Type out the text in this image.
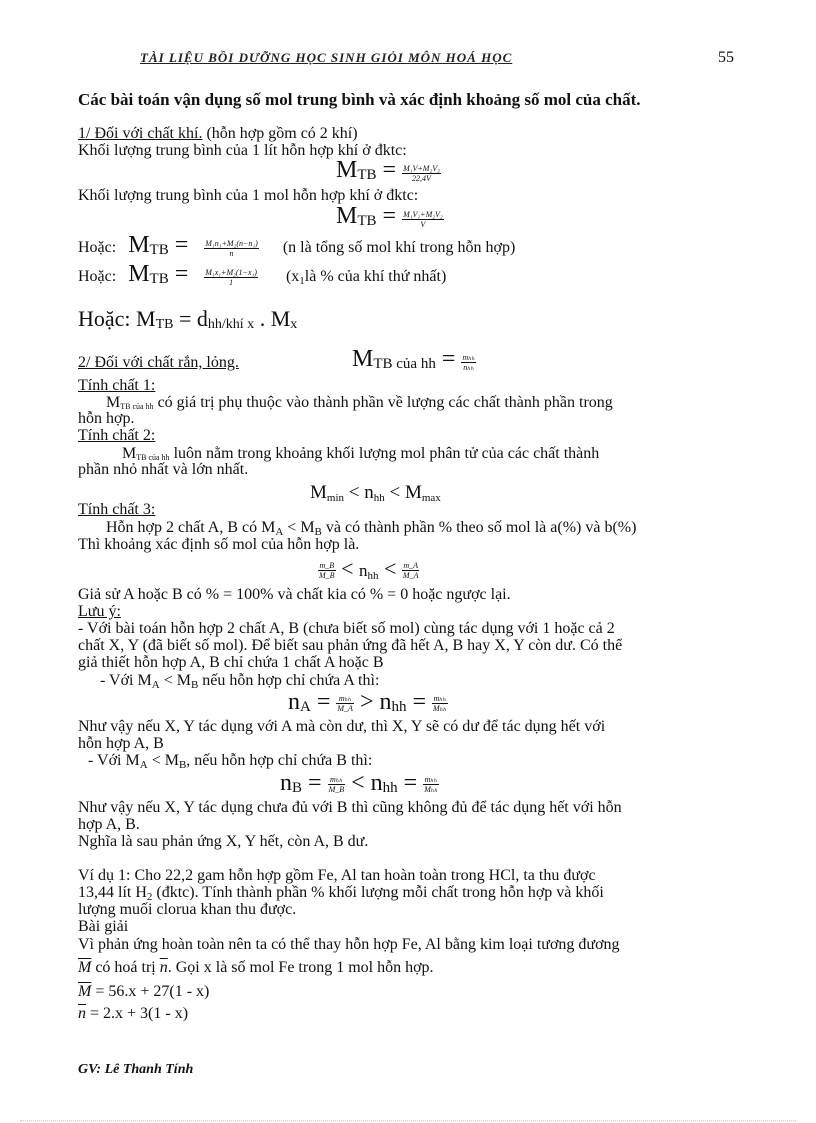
TÀI LIỆU BỒI DƯỠNG HỌC SINH GIỎI MÔN HOÁ HỌC	55
Các bài toán vận dụng số mol trung bình và xác định khoảng số mol của chất.
1/ Đối với chất khí. (hỗn hợp gồm có 2 khí)
Khối lượng trung bình của 1 lít hỗn hợp khí ở đktc:
MTB = $\frac{\text{M₁V+M₂V₂}}{22,4V}$
Khối lượng trung bình của 1 mol hỗn hợp khí ở đktc:
MTB = $\frac{\text{M₁V₁+M₂V₂}}{V}$
Hoặc: MTB = $\frac{\text{M₁n₁+M₂(n−n₁)}}{n} (n$ là tổng số mol khí trong hỗn hợp)
Hoặc: MTB = $\frac{\text{M₁x₁+M₂(1−x₁)}}{1}$ ($x_1là$ % của khí thứ nhất)
Hoặc: MTB = dhh/khí x . Mx
2/ Đối với chất rắn, lỏng.	MTB của hh = $\frac{\text{mₕₕ}}{\text{nₕₕ}}$
Tính chất 1:
MTB của hh có giá trị phụ thuộc vào thành phần về lượng các chất thành phần trong
hỗn hợp.
Tính chất 2:
MTB của hh luôn nằm trong khoảng khối lượng mol phân tử của các chất thành
phần nhỏ nhất và lớn nhất.
$M_{min} < n_{hh} < M_{max}$
Tính chất 3:
Hỗn hợp 2 chất A, B có $M_A < M_B$ và có thành phần % theo số mol là a(%) và b(%)
Thì khoảng xác định số mol của hỗn hợp là.
$\frac{m\_B}{M\_B} < n_{hh} < \frac{m\_A}{M\_A}$
Giả sử A hoặc B có % = 100% và chất kia có % = 0 hoặc ngược lại.
Lưu ý:
- Với bài toán hỗn hợp 2 chất A, B (chưa biết số mol) cùng tác dụng với 1 hoặc cả 2
chất X, Y (đã biết số mol). Để biết sau phản ứng đã hết A, B hay X, Y còn dư. Có thể
giả thiết hỗn hợp A, B chỉ chứa 1 chất A hoặc B
- Với $M_A < M_B$ nếu hỗn hợp chỉ chứa A thì:
nA = $\frac{\text{mₕₕ}}{M\_A}$ > nhh = $\frac{\text{mₕₕ}}{\text{Mₕₕ}}$
Như vậy nếu X, Y tác dụng với A mà còn dư, thì X, Y sẽ có dư để tác dụng hết với
hỗn hợp A, B
- Với $M_A < M_B$, nếu hỗn hợp chỉ chứa B thì:
nB = $\frac{\text{mₕₕ}}{M\_B}$ < nhh = $\frac{\text{mₕₕ}}{\text{Mₕₕ}}$
Như vậy nếu X, Y tác dụng chưa đủ với B thì cũng không đủ để tác dụng hết với hỗn
hợp A, B.
Nghĩa là sau phản ứng X, Y hết, còn A, B dư.
Ví dụ 1: Cho 22,2 gam hỗn hợp gồm Fe, Al tan hoàn toàn trong HCl, ta thu được
13,44 lít $H_2$ (đktc). Tính thành phần % khối lượng mỗi chất trong hỗn hợp và khối
lượng muối clorua khan thu được.
Bài giải
Vì phản ứng hoàn toàn nên ta có thể thay hỗn hợp Fe, Al bằng kim loại tương đương
$\overline{M}$ có hoá trị $\overline{n}$. Gọi x là số mol Fe trong 1 mol hỗn hợp.
$\overline{M} = 56.x + 27(1 - x)$
$\overline{n} = 2.x + 3(1 - x)$
GV: Lê Thanh Tính
